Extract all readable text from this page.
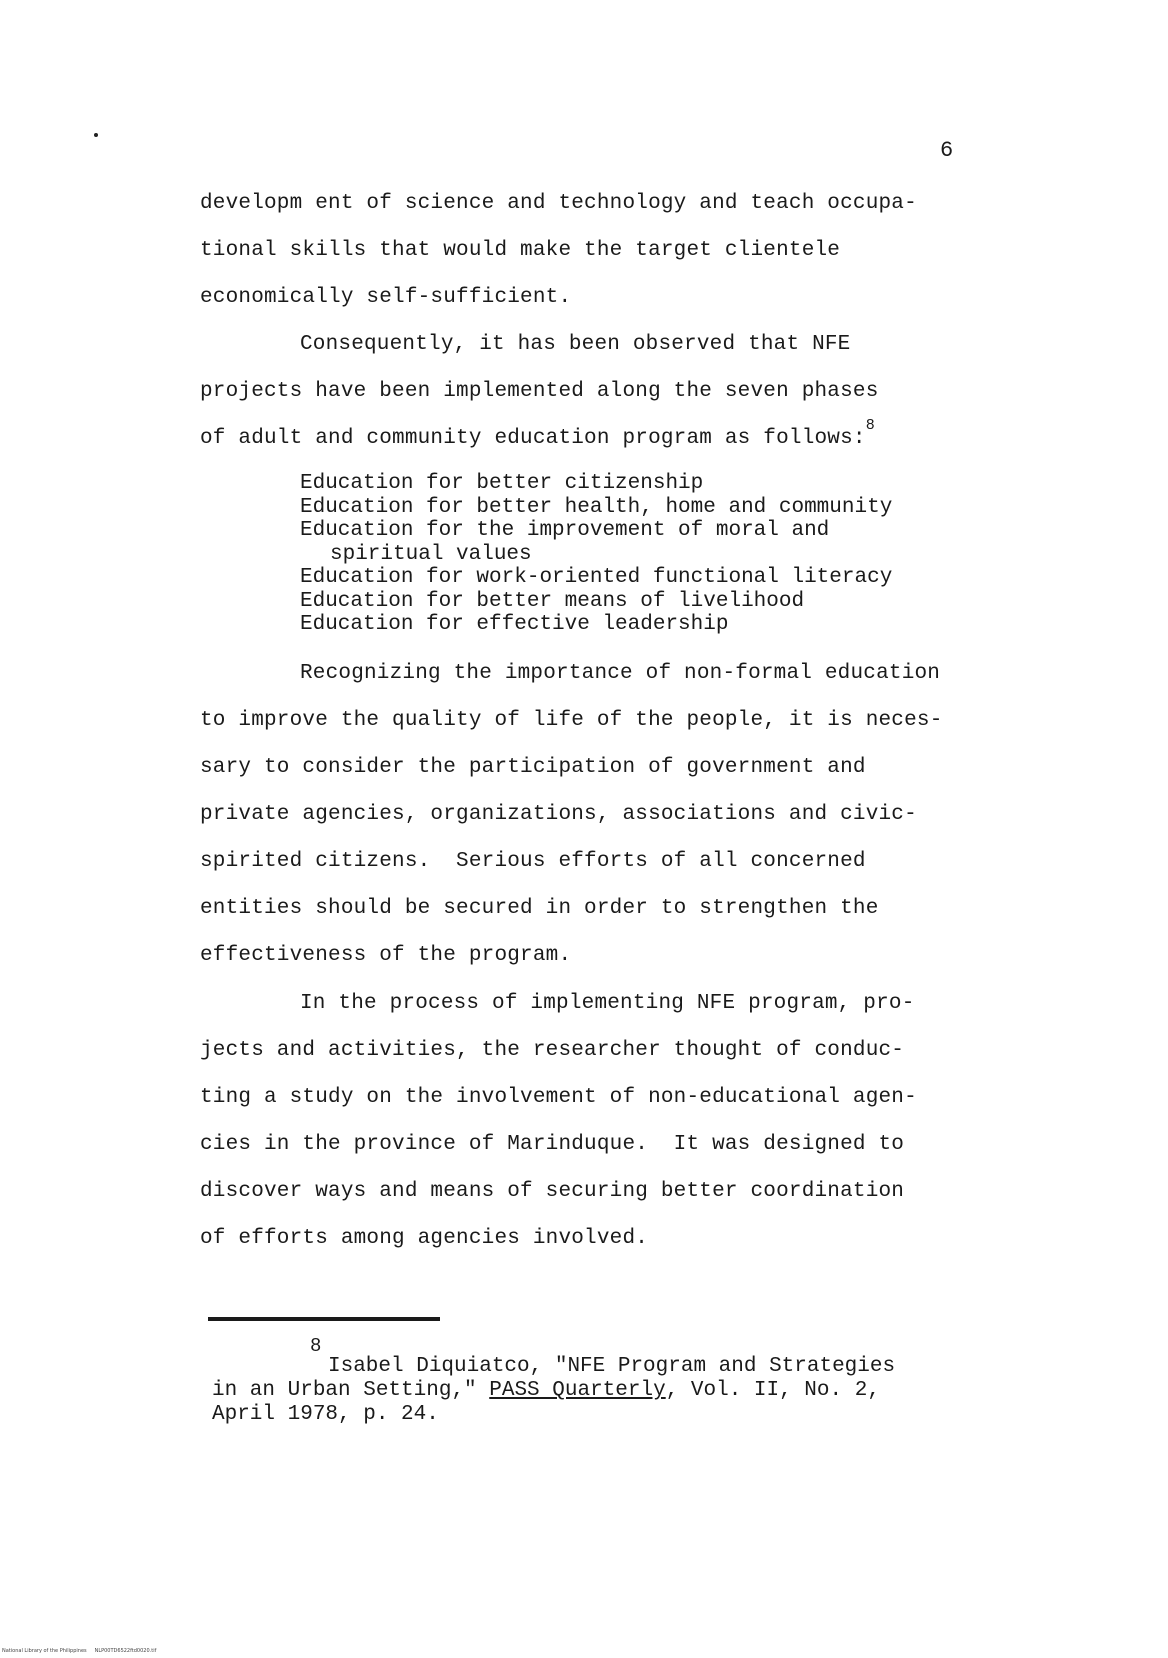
6
developm ent of science and technology and teach occupa-
tional skills that would make the target clientele
economically self-sufficient.
Consequently, it has been observed that NFE
projects have been implemented along the seven phases
of adult and community education program as follows:$^8$
Education for better citizenship
Education for better health, home and community
Education for the improvement of moral and
spiritual values
Education for work-oriented functional literacy
Education for better means of livelihood
Education for effective leadership
Recognizing the importance of non-formal education
to improve the quality of life of the people, it is neces-
sary to consider the participation of government and
private agencies, organizations, associations and civic-
spirited citizens.  Serious efforts of all concerned
entities should be secured in order to strengthen the
effectiveness of the program.
In the process of implementing NFE program, pro-
jects and activities, the researcher thought of conduc-
ting a study on the involvement of non-educational agen-
cies in the province of Marinduque.  It was designed to
discover ways and means of securing better coordination
of efforts among agencies involved.
8
Isabel Diquiatco, "NFE Program and Strategies
in an Urban Setting," PASS Quarterly, Vol. II, No. 2,
April 1978, p. 24.
National Library of the Philippines     NLP00TD6522ftd0020.tif
